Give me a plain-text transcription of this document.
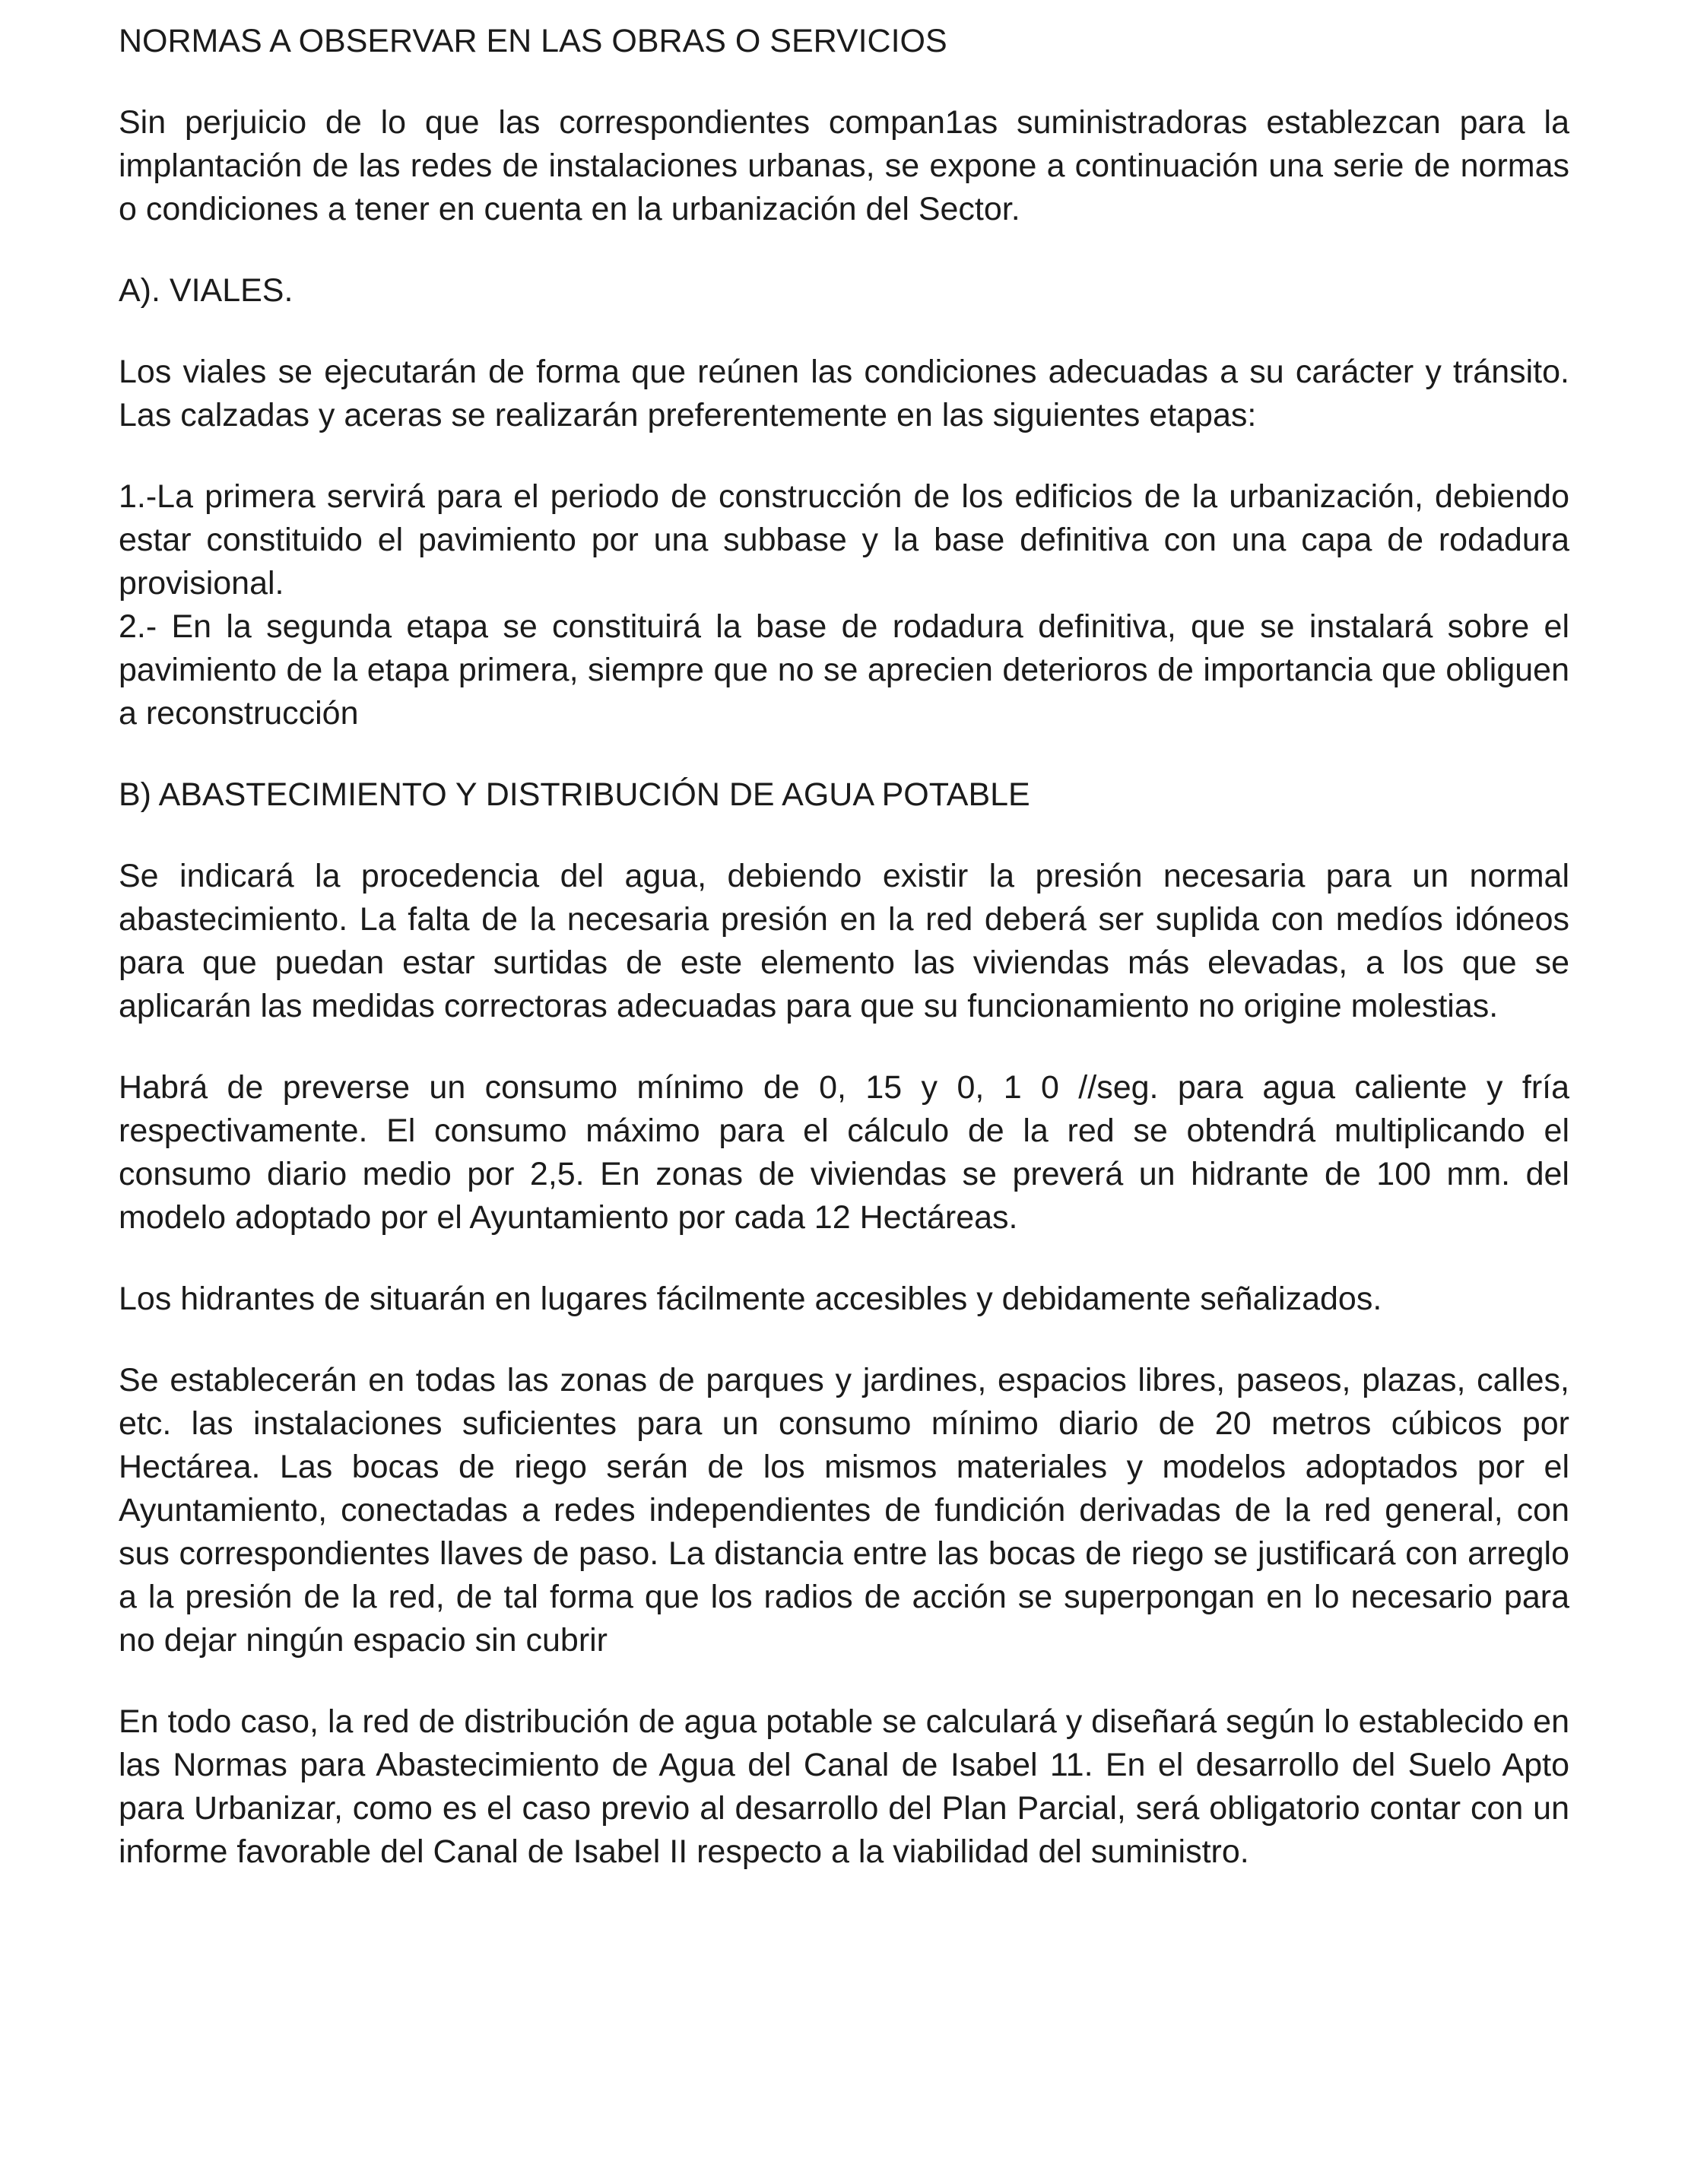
NORMAS A OBSERVAR EN LAS OBRAS O SERVICIOS

Sin perjuicio de lo que las correspondientes compan1as suministradoras establezcan para la implantación de las redes de instalaciones urbanas, se expone a continuación una serie de normas o condiciones a tener en cuenta en la urbanización del Sector.

A). VIALES.

Los viales se ejecutarán de forma que reúnen las condiciones adecuadas a su carácter y tránsito. Las calzadas y aceras se realizarán preferentemente en las siguientes etapas:

1.-La primera servirá para el periodo de construcción de los edificios de la urbanización, debiendo estar constituido el pavimiento por una subbase y la base definitiva con una capa de rodadura provisional.

2.- En la segunda etapa se constituirá la base de rodadura definitiva, que se instalará sobre el pavimiento de la etapa primera, siempre que no se aprecien deterioros de importancia que obliguen a reconstrucción

B) ABASTECIMIENTO Y DISTRIBUCIÓN DE AGUA POTABLE

Se indicará la procedencia del agua, debiendo existir la presión necesaria para un normal abastecimiento. La falta de la necesaria presión en la red deberá ser suplida con medíos idóneos para que puedan estar surtidas de este elemento las viviendas más elevadas, a los que se aplicarán las medidas correctoras adecuadas para que su funcionamiento no origine molestias.

Habrá de preverse un consumo mínimo de 0, 15 y 0, 1 0 //seg. para agua caliente y fría respectivamente. El consumo máximo para el cálculo de la red se obtendrá multiplicando el consumo diario medio por 2,5. En zonas de viviendas se preverá un hidrante de 100 mm. del modelo adoptado por el Ayuntamiento por cada 12 Hectáreas.

Los hidrantes de situarán en lugares fácilmente accesibles y debidamente señalizados.

Se establecerán en todas las zonas de parques y jardines, espacios libres, paseos, plazas, calles, etc. las instalaciones suficientes para un consumo mínimo diario de 20 metros cúbicos por Hectárea. Las bocas de riego serán de los mismos materiales y modelos adoptados por el Ayuntamiento, conectadas a redes independientes de fundición derivadas de la red general, con sus correspondientes llaves de paso. La distancia entre las bocas de riego se justificará con arreglo a la presión de la red, de tal forma que los radios de acción se superpongan en lo necesario para no dejar ningún espacio sin cubrir

En todo caso, la red de distribución de agua potable se calculará y diseñará según lo establecido en las Normas para Abastecimiento de Agua del Canal de Isabel 11. En el desarrollo del Suelo Apto para Urbanizar, como es el caso previo al desarrollo del Plan Parcial, será obligatorio contar con un informe favorable del Canal de Isabel II respecto a la viabilidad del suministro.
